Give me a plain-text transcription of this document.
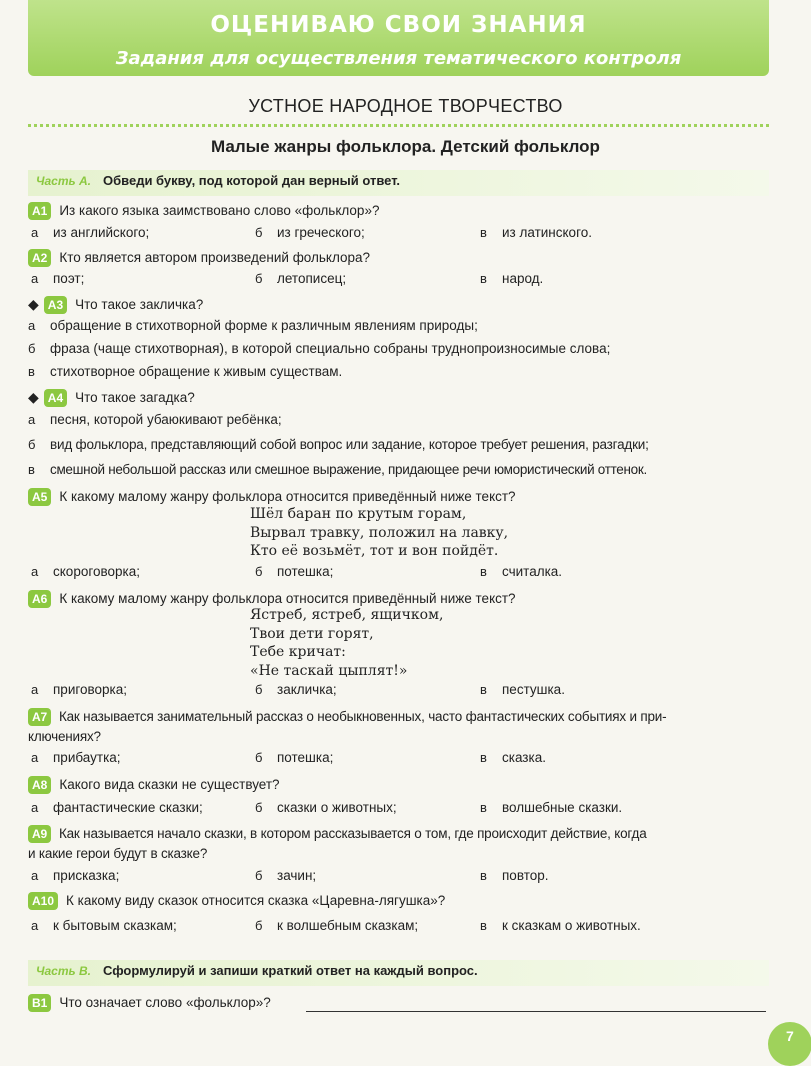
ОЦЕНИВАЮ СВОИ ЗНАНИЯ
Задания для осуществления тематического контроля
УСТНОЕ НАРОДНОЕ ТВОРЧЕСТВО
Малые жанры фольклора. Детский фольклор
Часть А. Обведи букву, под которой дан верный ответ.
А1 Из какого языка заимствовано слово «фольклор»?
а из английского;	б из греческого;	в из латинского.
А2 Кто является автором произведений фольклора?
а поэт;	б летописец;	в народ.
◆ А3 Что такое закличка?
а обращение в стихотворной форме к различным явлениям природы;
б фраза (чаще стихотворная), в которой специально собраны труднопроизносимые слова;
в стихотворное обращение к живым существам.
◆ А4 Что такое загадка?
а песня, которой убаюкивают ребёнка;
б вид фольклора, представляющий собой вопрос или задание, которое требует решения, разгадки;
в смешной небольшой рассказ или смешное выражение, придающее речи юмористический оттенок.
А5 К какому малому жанру фольклора относится приведённый ниже текст?
Шёл баран по крутым горам,
Вырвал травку, положил на лавку,
Кто её возьмёт, тот и вон пойдёт.
а скороговорка;	б потешка;	в считалка.
А6 К какому малому жанру фольклора относится приведённый ниже текст?
Ястреб, ястреб, ящичком,
Твои дети горят,
Тебе кричат:
«Не таскай цыплят!»
а приговорка;	б закличка;	в пестушка.
А7 Как называется занимательный рассказ о необыкновенных, часто фантастических событиях и при-
ключениях?
а прибаутка;	б потешка;	в сказка.
А8 Какого вида сказки не существует?
а фантастические сказки;	б сказки о животных;	в волшебные сказки.
А9 Как называется начало сказки, в котором рассказывается о том, где происходит действие, когда
и какие герои будут в сказке?
а присказка;	б зачин;	в повтор.
А10 К какому виду сказок относится сказка «Царевна-лягушка»?
а к бытовым сказкам;	б к волшебным сказкам;	в к сказкам о животных.
Часть В. Сформулируй и запиши краткий ответ на каждый вопрос.
В1 Что означает слово «фольклор»?
7
